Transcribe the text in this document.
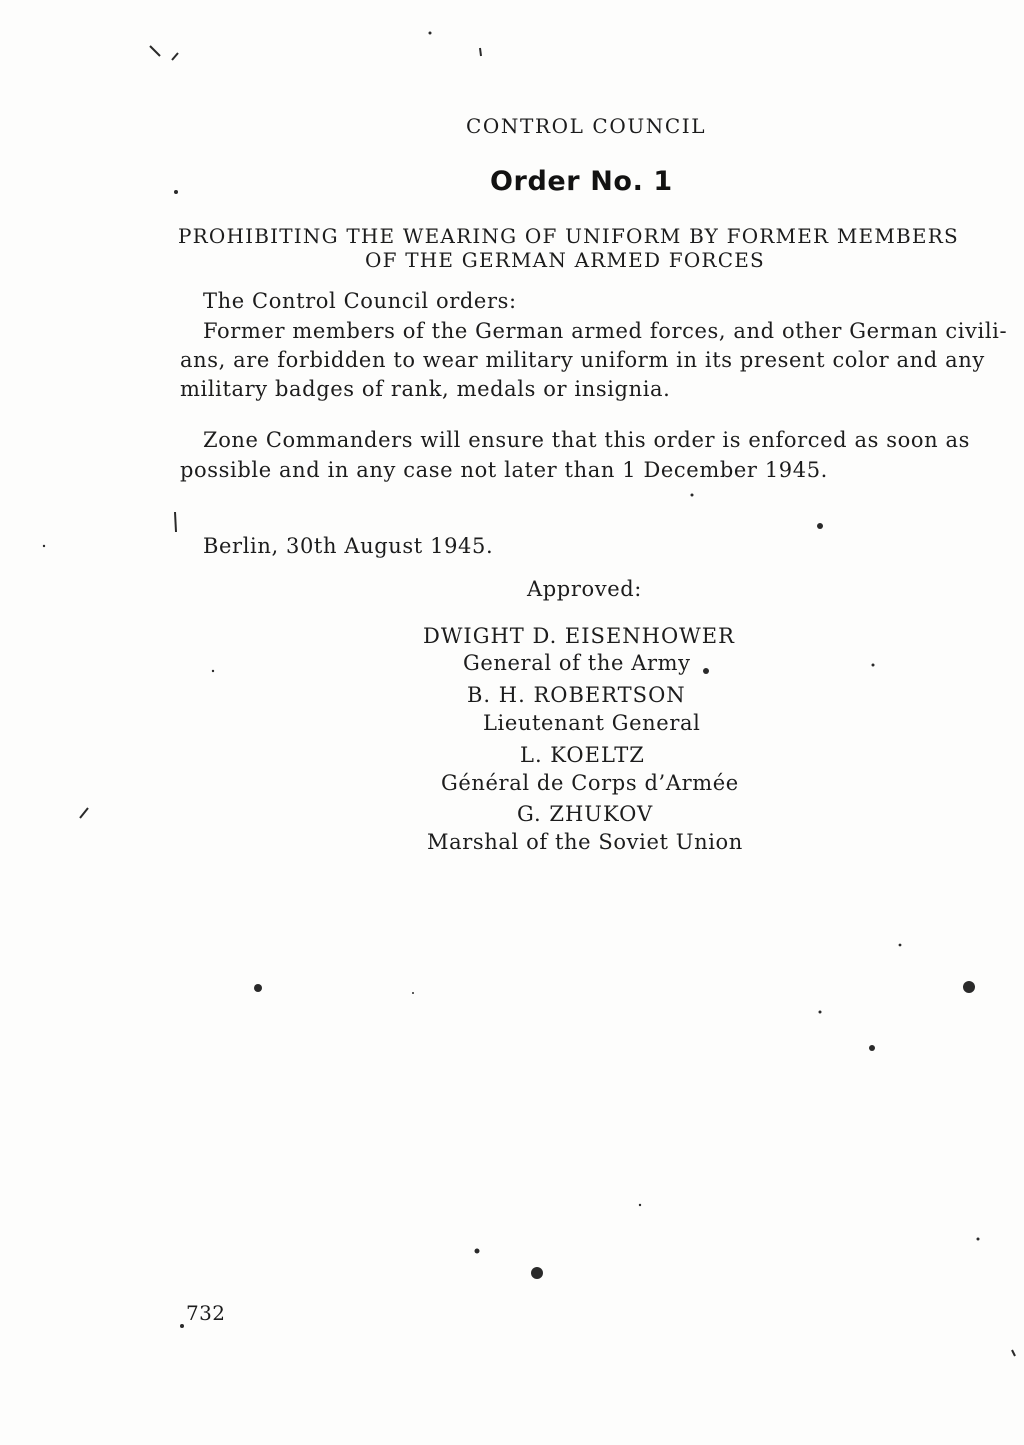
CONTROL COUNCIL
Order No. 1
PROHIBITING THE WEARING OF UNIFORM BY FORMER MEMBERS
OF THE GERMAN ARMED FORCES
The Control Council orders:
Former members of the German armed forces, and other German civili-
ans, are forbidden to wear military uniform in its present color and any
military badges of rank, medals or insignia.
Zone Commanders will ensure that this order is enforced as soon as
possible and in any case not later than 1 December 1945.
Berlin, 30th August 1945.
Approved:
DWIGHT D. EISENHOWER
General of the Army
B. H. ROBERTSON
Lieutenant General
L. KOELTZ
Général de Corps d’Armée
G. ZHUKOV
Marshal of the Soviet Union
732
